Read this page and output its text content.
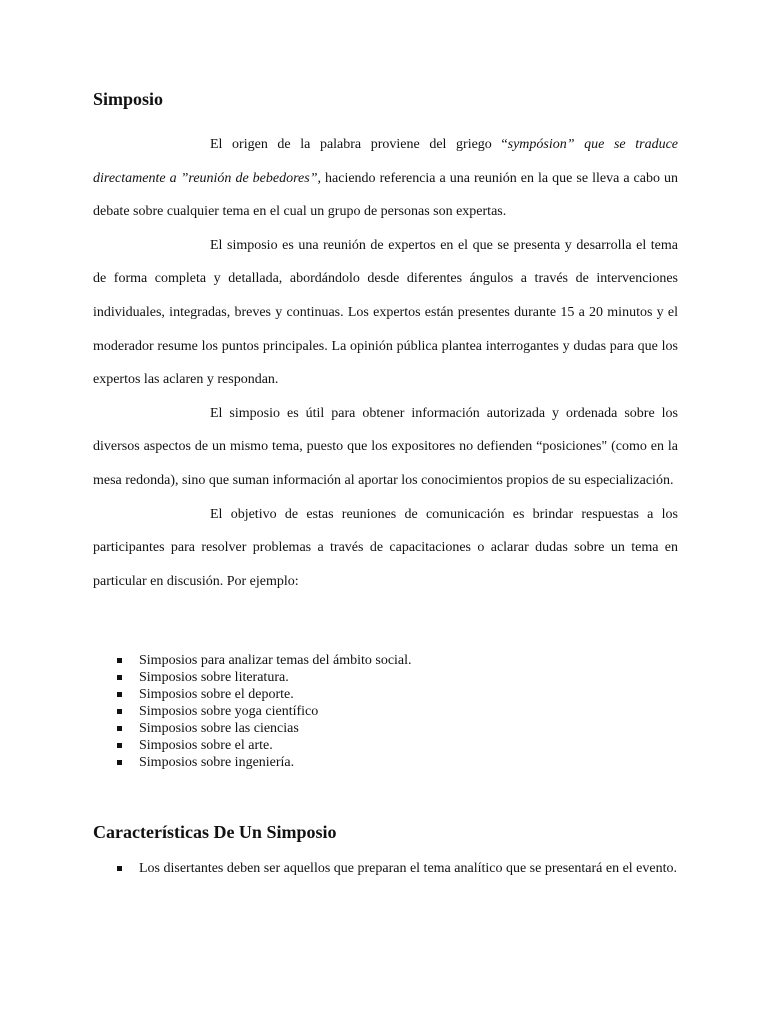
Simposio

El origen de la palabra proviene del griego “sympósion” que se traduce directamente a ”reunión de bebedores”, haciendo referencia a una reunión en la que se lleva a cabo un debate sobre cualquier tema en el cual un grupo de personas son expertas.

El simposio es una reunión de expertos en el que se presenta y desarrolla el tema de forma completa y detallada, abordándolo desde diferentes ángulos a través de intervenciones individuales, integradas, breves y continuas. Los expertos están presentes durante 15 a 20 minutos y el moderador resume los puntos principales. La opinión pública plantea interrogantes y dudas para que los expertos las aclaren y respondan.

El simposio es útil para obtener información autorizada y ordenada sobre los diversos aspectos de un mismo tema, puesto que los expositores no defienden “posiciones" (como en la mesa redonda), sino que suman información al aportar los conocimientos propios de su especialización.

El objetivo de estas reuniones de comunicación es brindar respuestas a los participantes para resolver problemas a través de capacitaciones o aclarar dudas sobre un tema en particular en discusión. Por ejemplo:

Simposios para analizar temas del ámbito social.
Simposios sobre literatura.
Simposios sobre el deporte.
Simposios sobre yoga científico
Simposios sobre las ciencias
Simposios sobre el arte.
Simposios sobre ingeniería.
Características De Un Simposio
Los disertantes deben ser aquellos que preparan el tema analítico que se presentará en el evento.
